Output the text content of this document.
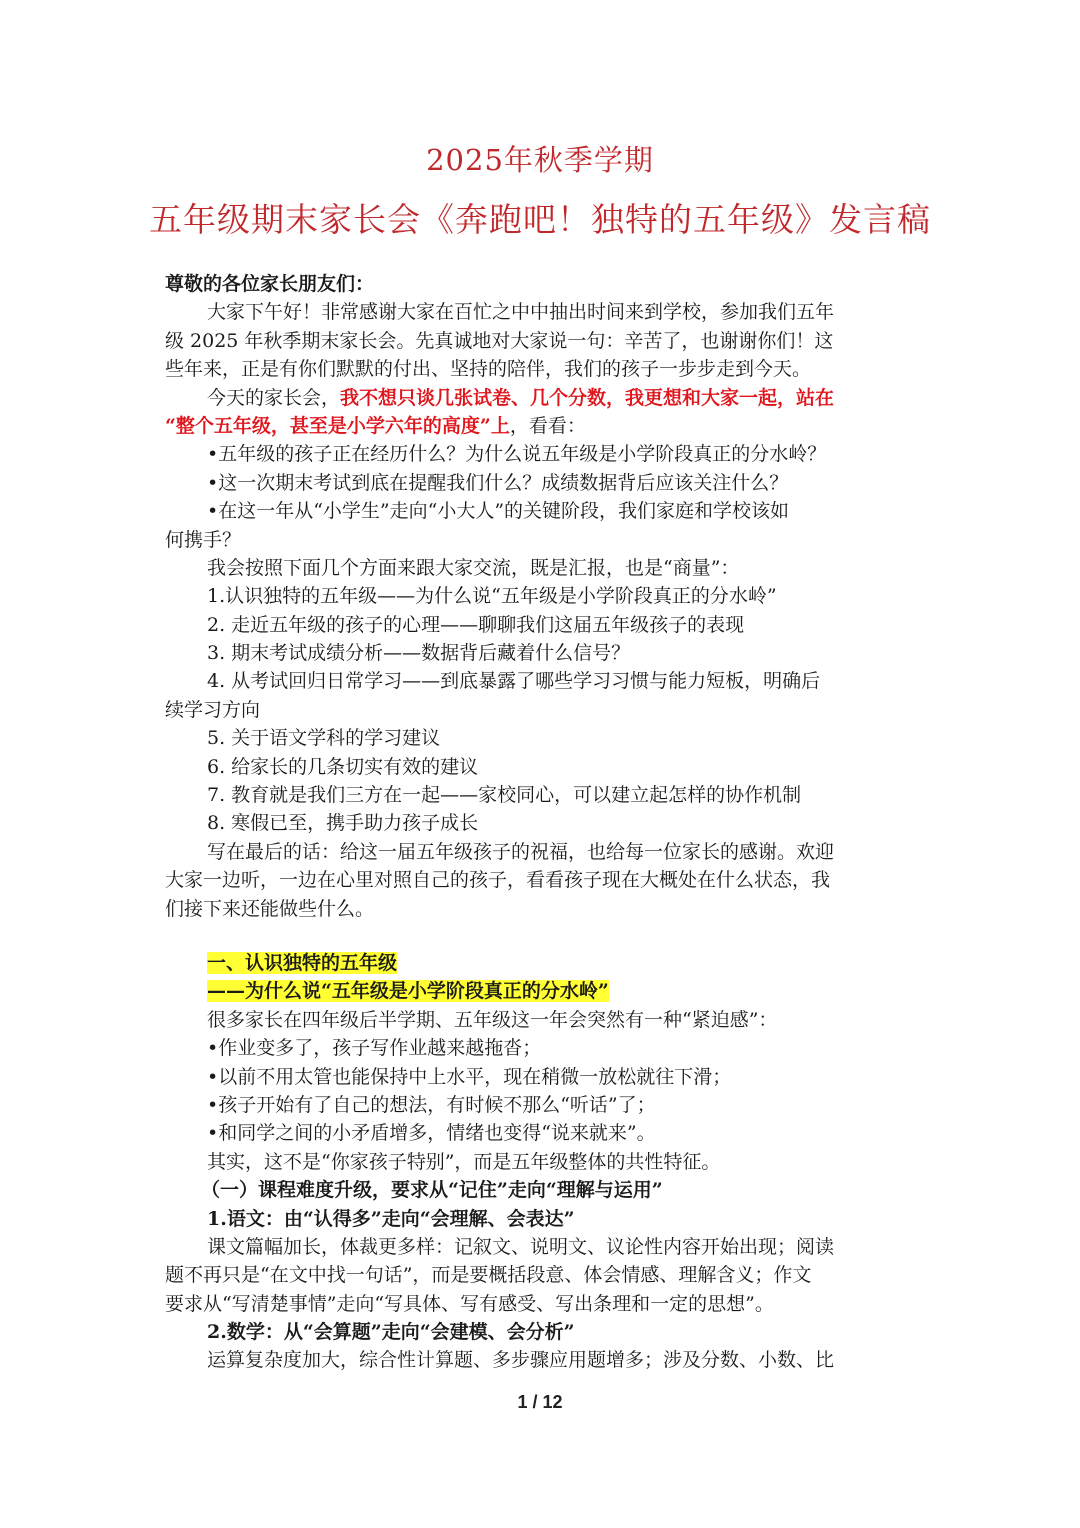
2025年秋季学期
五年级期末家长会《奔跑吧！独特的五年级》发言稿
尊敬的各位家长朋友们：
大家下午好！非常感谢大家在百忙之中中抽出时间来到学校，参加我们五年
级 2025 年秋季期末家长会。先真诚地对大家说一句：辛苦了，也谢谢你们！这
些年来，正是有你们默默的付出、坚持的陪伴，我们的孩子一步步走到今天。
今天的家长会，我不想只谈几张试卷、几个分数，我更想和大家一起，站在
“整个五年级，甚至是小学六年的高度”上，看看：
•五年级的孩子正在经历什么？为什么说五年级是小学阶段真正的分水岭？
•这一次期末考试到底在提醒我们什么？成绩数据背后应该关注什么？
•在这一年从“小学生”走向“小大人”的关键阶段，我们家庭和学校该如
何携手？
我会按照下面几个方面来跟大家交流，既是汇报，也是“商量”：
1.认识独特的五年级——为什么说“五年级是小学阶段真正的分水岭”
2. 走近五年级的孩子的心理——聊聊我们这届五年级孩子的表现
3. 期末考试成绩分析——数据背后藏着什么信号？
4. 从考试回归日常学习——到底暴露了哪些学习习惯与能力短板，明确后
续学习方向
5. 关于语文学科的学习建议
6. 给家长的几条切实有效的建议
7. 教育就是我们三方在一起——家校同心，可以建立起怎样的协作机制
8. 寒假已至，携手助力孩子成长
写在最后的话：给这一届五年级孩子的祝福，也给每一位家长的感谢。欢迎
大家一边听，一边在心里对照自己的孩子，看看孩子现在大概处在什么状态，我
们接下来还能做些什么。
一、认识独特的五年级
——为什么说“五年级是小学阶段真正的分水岭”
很多家长在四年级后半学期、五年级这一年会突然有一种“紧迫感”：
•作业变多了，孩子写作业越来越拖沓；
•以前不用太管也能保持中上水平，现在稍微一放松就往下滑；
•孩子开始有了自己的想法，有时候不那么“听话”了；
•和同学之间的小矛盾增多，情绪也变得“说来就来”。
其实，这不是“你家孩子特别”，而是五年级整体的共性特征。
（一）课程难度升级，要求从“记住”走向“理解与运用”
1.语文：由“认得多”走向“会理解、会表达”
课文篇幅加长，体裁更多样：记叙文、说明文、议论性内容开始出现；阅读
题不再只是“在文中找一句话”，而是要概括段意、体会情感、理解含义；作文
要求从“写清楚事情”走向“写具体、写有感受、写出条理和一定的思想”。
2.数学：从“会算题”走向“会建模、会分析”
运算复杂度加大，综合性计算题、多步骤应用题增多；涉及分数、小数、比
1 / 12
